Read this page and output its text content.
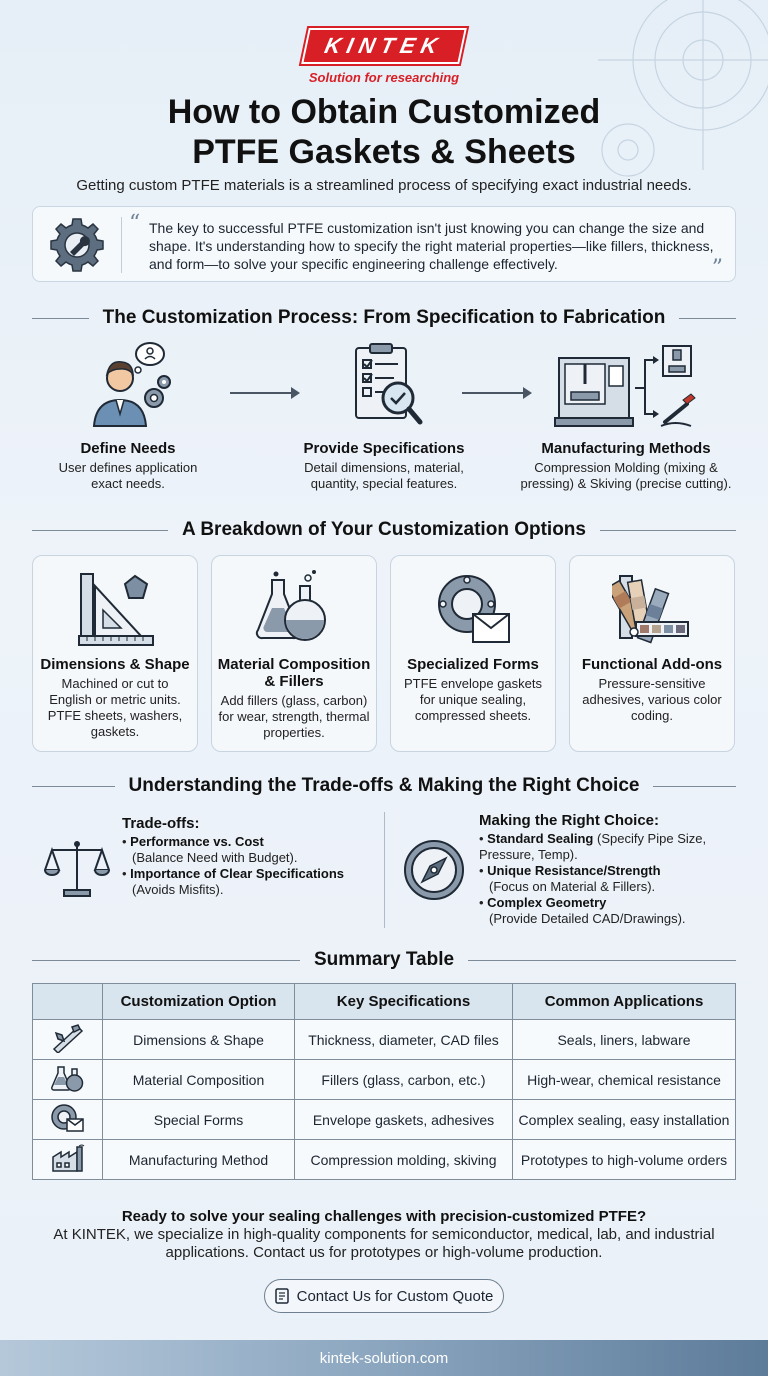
KINTEK
Solution for researching
How to Obtain Customized
PTFE Gaskets & Sheets
Getting custom PTFE materials is a streamlined process of specifying exact industrial needs.
“ The key to successful PTFE customization isn't just knowing you can change the size and shape. It's understanding how to specify the right material properties—like fillers, thickness, and form—to solve your specific engineering challenge effectively.	”
The Customization Process: From Specification to Fabrication
Define Needs
User defines application exact needs.
Provide Specifications
Detail dimensions, material, quantity, special features.
Manufacturing Methods
Compression Molding (mixing & pressing) & Skiving (precise cutting).
A Breakdown of Your Customization Options
Dimensions & Shape
Machined or cut to English or metric units. PTFE sheets, washers, gaskets.
Material Composition & Fillers
Add fillers (glass, carbon) for wear, strength, thermal properties.
Specialized Forms
PTFE envelope gaskets for unique sealing, compressed sheets.
Functional Add-ons
Pressure-sensitive adhesives, various color coding.
Understanding the Trade-offs & Making the Right Choice
Trade-offs:
• Performance vs. Cost
(Balance Need with Budget).
• Importance of Clear Specifications
(Avoids Misfits).
Making the Right Choice:
• Standard Sealing (Specify Pipe Size, Pressure, Temp).
• Unique Resistance/Strength
(Focus on Material & Fillers).
• Complex Geometry
(Provide Detailed CAD/Drawings).
Summary Table
	Customization Option	Key Specifications	Common Applications
	Dimensions & Shape	Thickness, diameter, CAD files	Seals, liners, labware
	Material Composition	Fillers (glass, carbon, etc.)	High-wear, chemical resistance
	Special Forms	Envelope gaskets, adhesives	Complex sealing, easy installation
	Manufacturing Method	Compression molding, skiving	Prototypes to high-volume orders
Ready to solve your sealing challenges with precision-customized PTFE?
At KINTEK, we specialize in high-quality components for semiconductor, medical, lab, and industrial applications. Contact us for prototypes or high-volume production.
Contact Us for Custom Quote
kintek-solution.com
